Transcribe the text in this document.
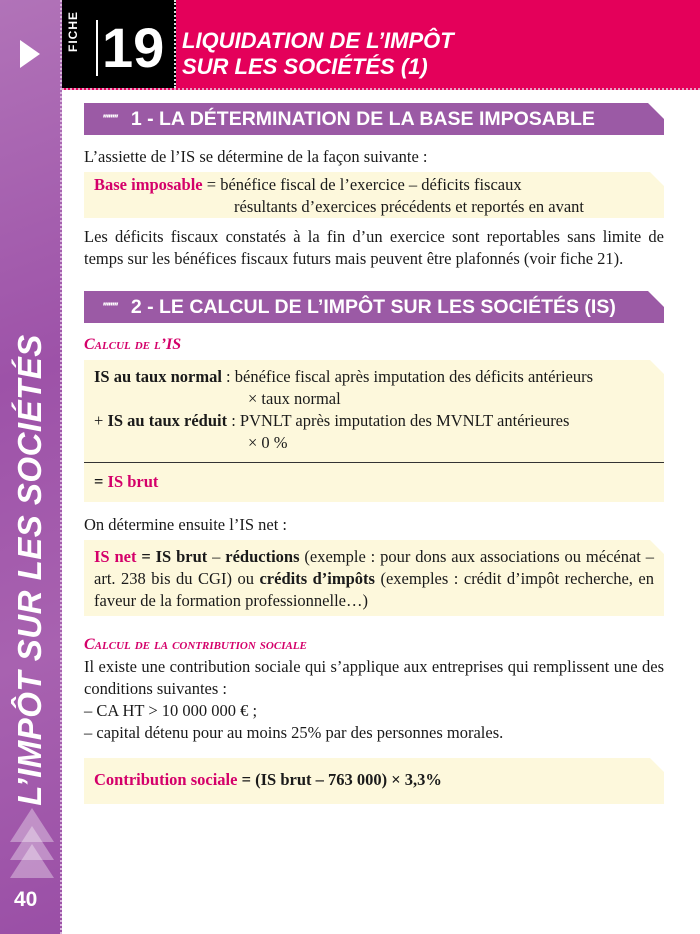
L’IMPÔT SUR LES SOCIÉTÉS
40
FICHE 19 LIQUIDATION DE L’IMPÔT
SUR LES SOCIÉTÉS (1)
'''''''' 1 - LA DÉTERMINATION DE LA BASE IMPOSABLE
L’assiette de l’IS se détermine de la façon suivante :
Base imposable = bénéfice fiscal de l’exercice – déficits fiscaux
résultants d’exercices précédents et reportés en avant
Les déficits fiscaux constatés à la fin d’un exercice sont reportables sans limite de temps sur les bénéfices fiscaux futurs mais peuvent être plafonnés (voir fiche 21).
'''''''' 2 - LE CALCUL DE L’IMPÔT SUR LES SOCIÉTÉS (IS)
Calcul de l’IS
IS au taux normal : bénéfice fiscal après imputation des déficits antérieurs
× taux normal
+ IS au taux réduit : PVNLT après imputation des MVNLT antérieures
× 0 %
= IS brut
On détermine ensuite l’IS net :
IS net = IS brut – réductions (exemple : pour dons aux associations ou mécénat – art. 238 bis du CGI) ou crédits d’impôts (exemples : crédit d’impôt recherche, en faveur de la formation professionnelle…)
Calcul de la contribution sociale
Il existe une contribution sociale qui s’applique aux entreprises qui remplissent une des conditions suivantes :
– CA HT > 10 000 000 € ;
– capital détenu pour au moins 25% par des personnes morales.
Contribution sociale = (IS brut – 763 000) × 3,3%
